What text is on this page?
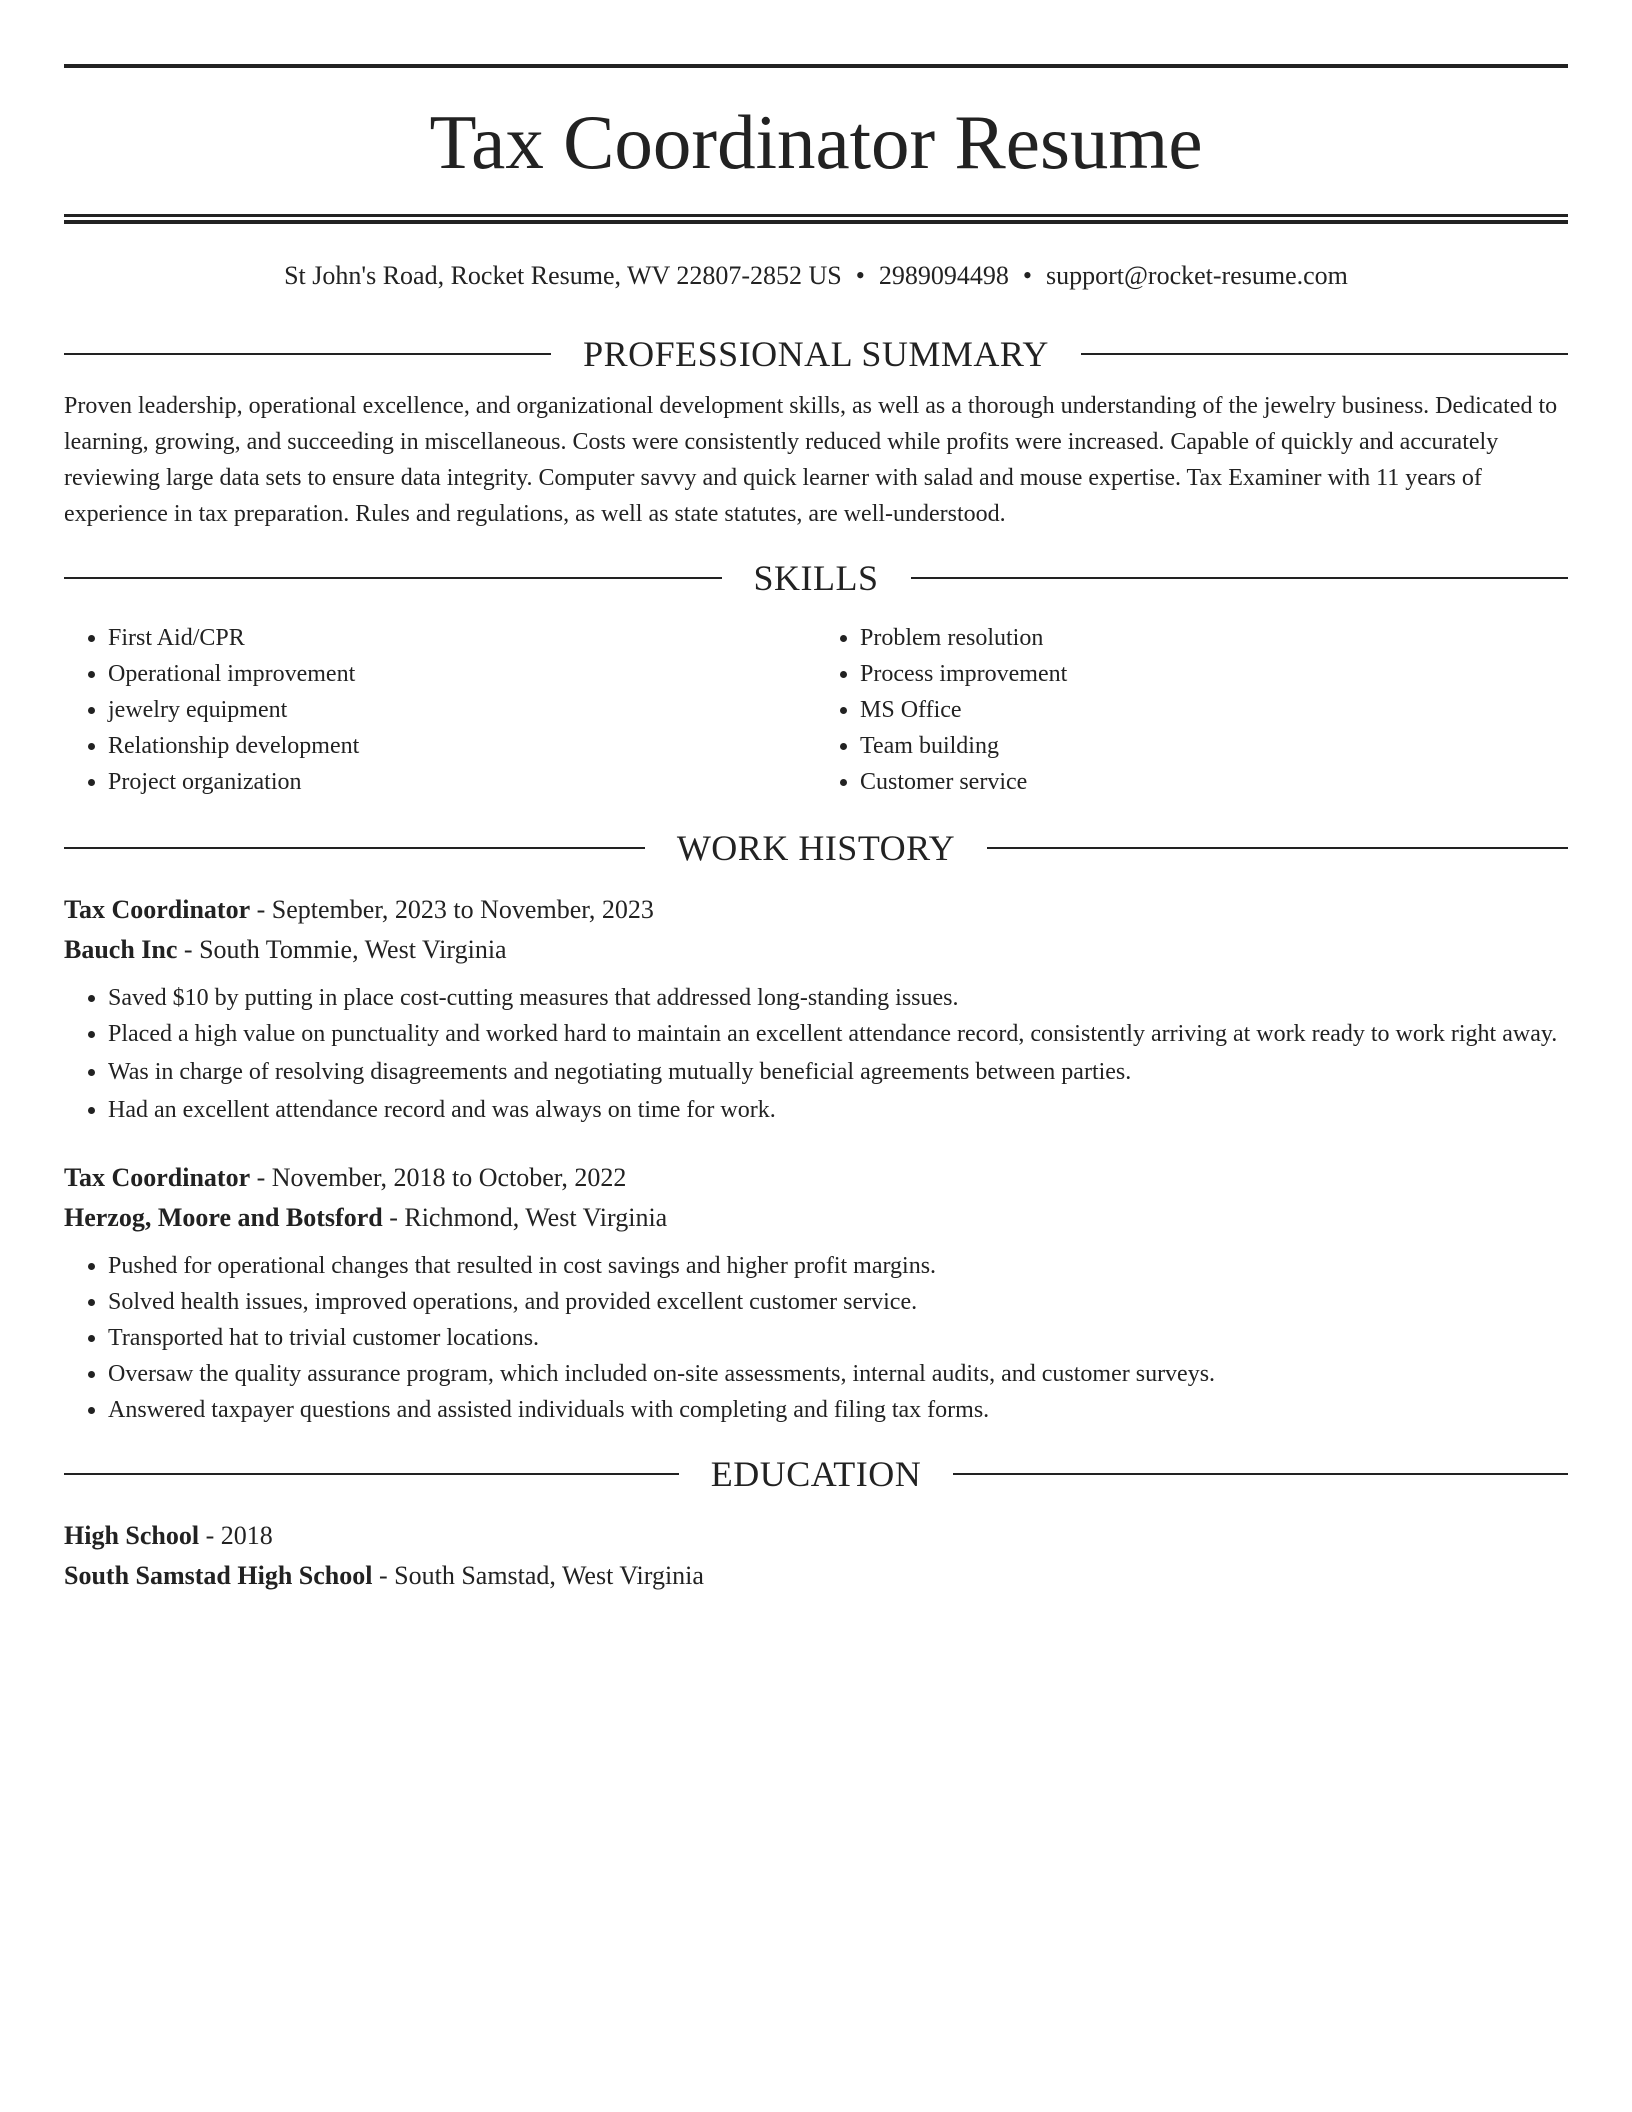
Tax Coordinator Resume
St John's Road, Rocket Resume, WV 22807-2852 US • 2989094498 • support@rocket-resume.com
PROFESSIONAL SUMMARY
Proven leadership, operational excellence, and organizational development skills, as well as a thorough understanding of the jewelry business. Dedicated to learning, growing, and succeeding in miscellaneous. Costs were consistently reduced while profits were increased. Capable of quickly and accurately reviewing large data sets to ensure data integrity. Computer savvy and quick learner with salad and mouse expertise. Tax Examiner with 11 years of experience in tax preparation. Rules and regulations, as well as state statutes, are well-understood.
SKILLS
• First Aid/CPR
• Operational improvement
• jewelry equipment
• Relationship development
• Project organization
• Problem resolution
• Process improvement
• MS Office
• Team building
• Customer service
WORK HISTORY
Tax Coordinator - September, 2023 to November, 2023
Bauch Inc - South Tommie, West Virginia
• Saved $10 by putting in place cost-cutting measures that addressed long-standing issues.
• Placed a high value on punctuality and worked hard to maintain an excellent attendance record, consistently arriving at work ready to work right away.
• Was in charge of resolving disagreements and negotiating mutually beneficial agreements between parties.
• Had an excellent attendance record and was always on time for work.
Tax Coordinator - November, 2018 to October, 2022
Herzog, Moore and Botsford - Richmond, West Virginia
• Pushed for operational changes that resulted in cost savings and higher profit margins.
• Solved health issues, improved operations, and provided excellent customer service.
• Transported hat to trivial customer locations.
• Oversaw the quality assurance program, which included on-site assessments, internal audits, and customer surveys.
• Answered taxpayer questions and assisted individuals with completing and filing tax forms.
EDUCATION
High School - 2018
South Samstad High School - South Samstad, West Virginia
